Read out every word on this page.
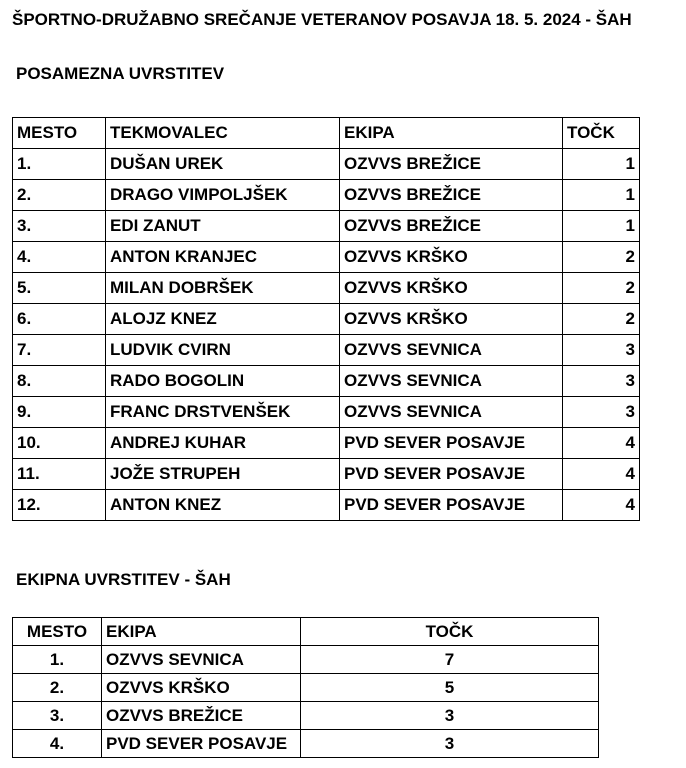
ŠPORTNO-DRUŽABNO SREČANJE VETERANOV POSAVJA 18. 5. 2024 - ŠAH
POSAMEZNA UVRSTITEV
MESTO	TEKMOVALEC	EKIPA	TOČK
1.	DUŠAN UREK	OZVVS BREŽICE	1
2.	DRAGO VIMPOLJŠEK	OZVVS BREŽICE	1
3.	EDI ZANUT	OZVVS BREŽICE	1
4.	ANTON KRANJEC	OZVVS KRŠKO	2
5.	MILAN DOBRŠEK	OZVVS KRŠKO	2
6.	ALOJZ KNEZ	OZVVS KRŠKO	2
7.	LUDVIK CVIRN	OZVVS SEVNICA	3
8.	RADO BOGOLIN	OZVVS SEVNICA	3
9.	FRANC DRSTVENŠEK	OZVVS SEVNICA	3
10.	ANDREJ KUHAR	PVD SEVER POSAVJE	4
11.	JOŽE STRUPEH	PVD SEVER POSAVJE	4
12.	ANTON KNEZ	PVD SEVER POSAVJE	4
EKIPNA UVRSTITEV - ŠAH
MESTO	EKIPA	TOČK
1.	OZVVS SEVNICA	7
2.	OZVVS KRŠKO	5
3.	OZVVS BREŽICE	3
4.	PVD SEVER POSAVJE	3
